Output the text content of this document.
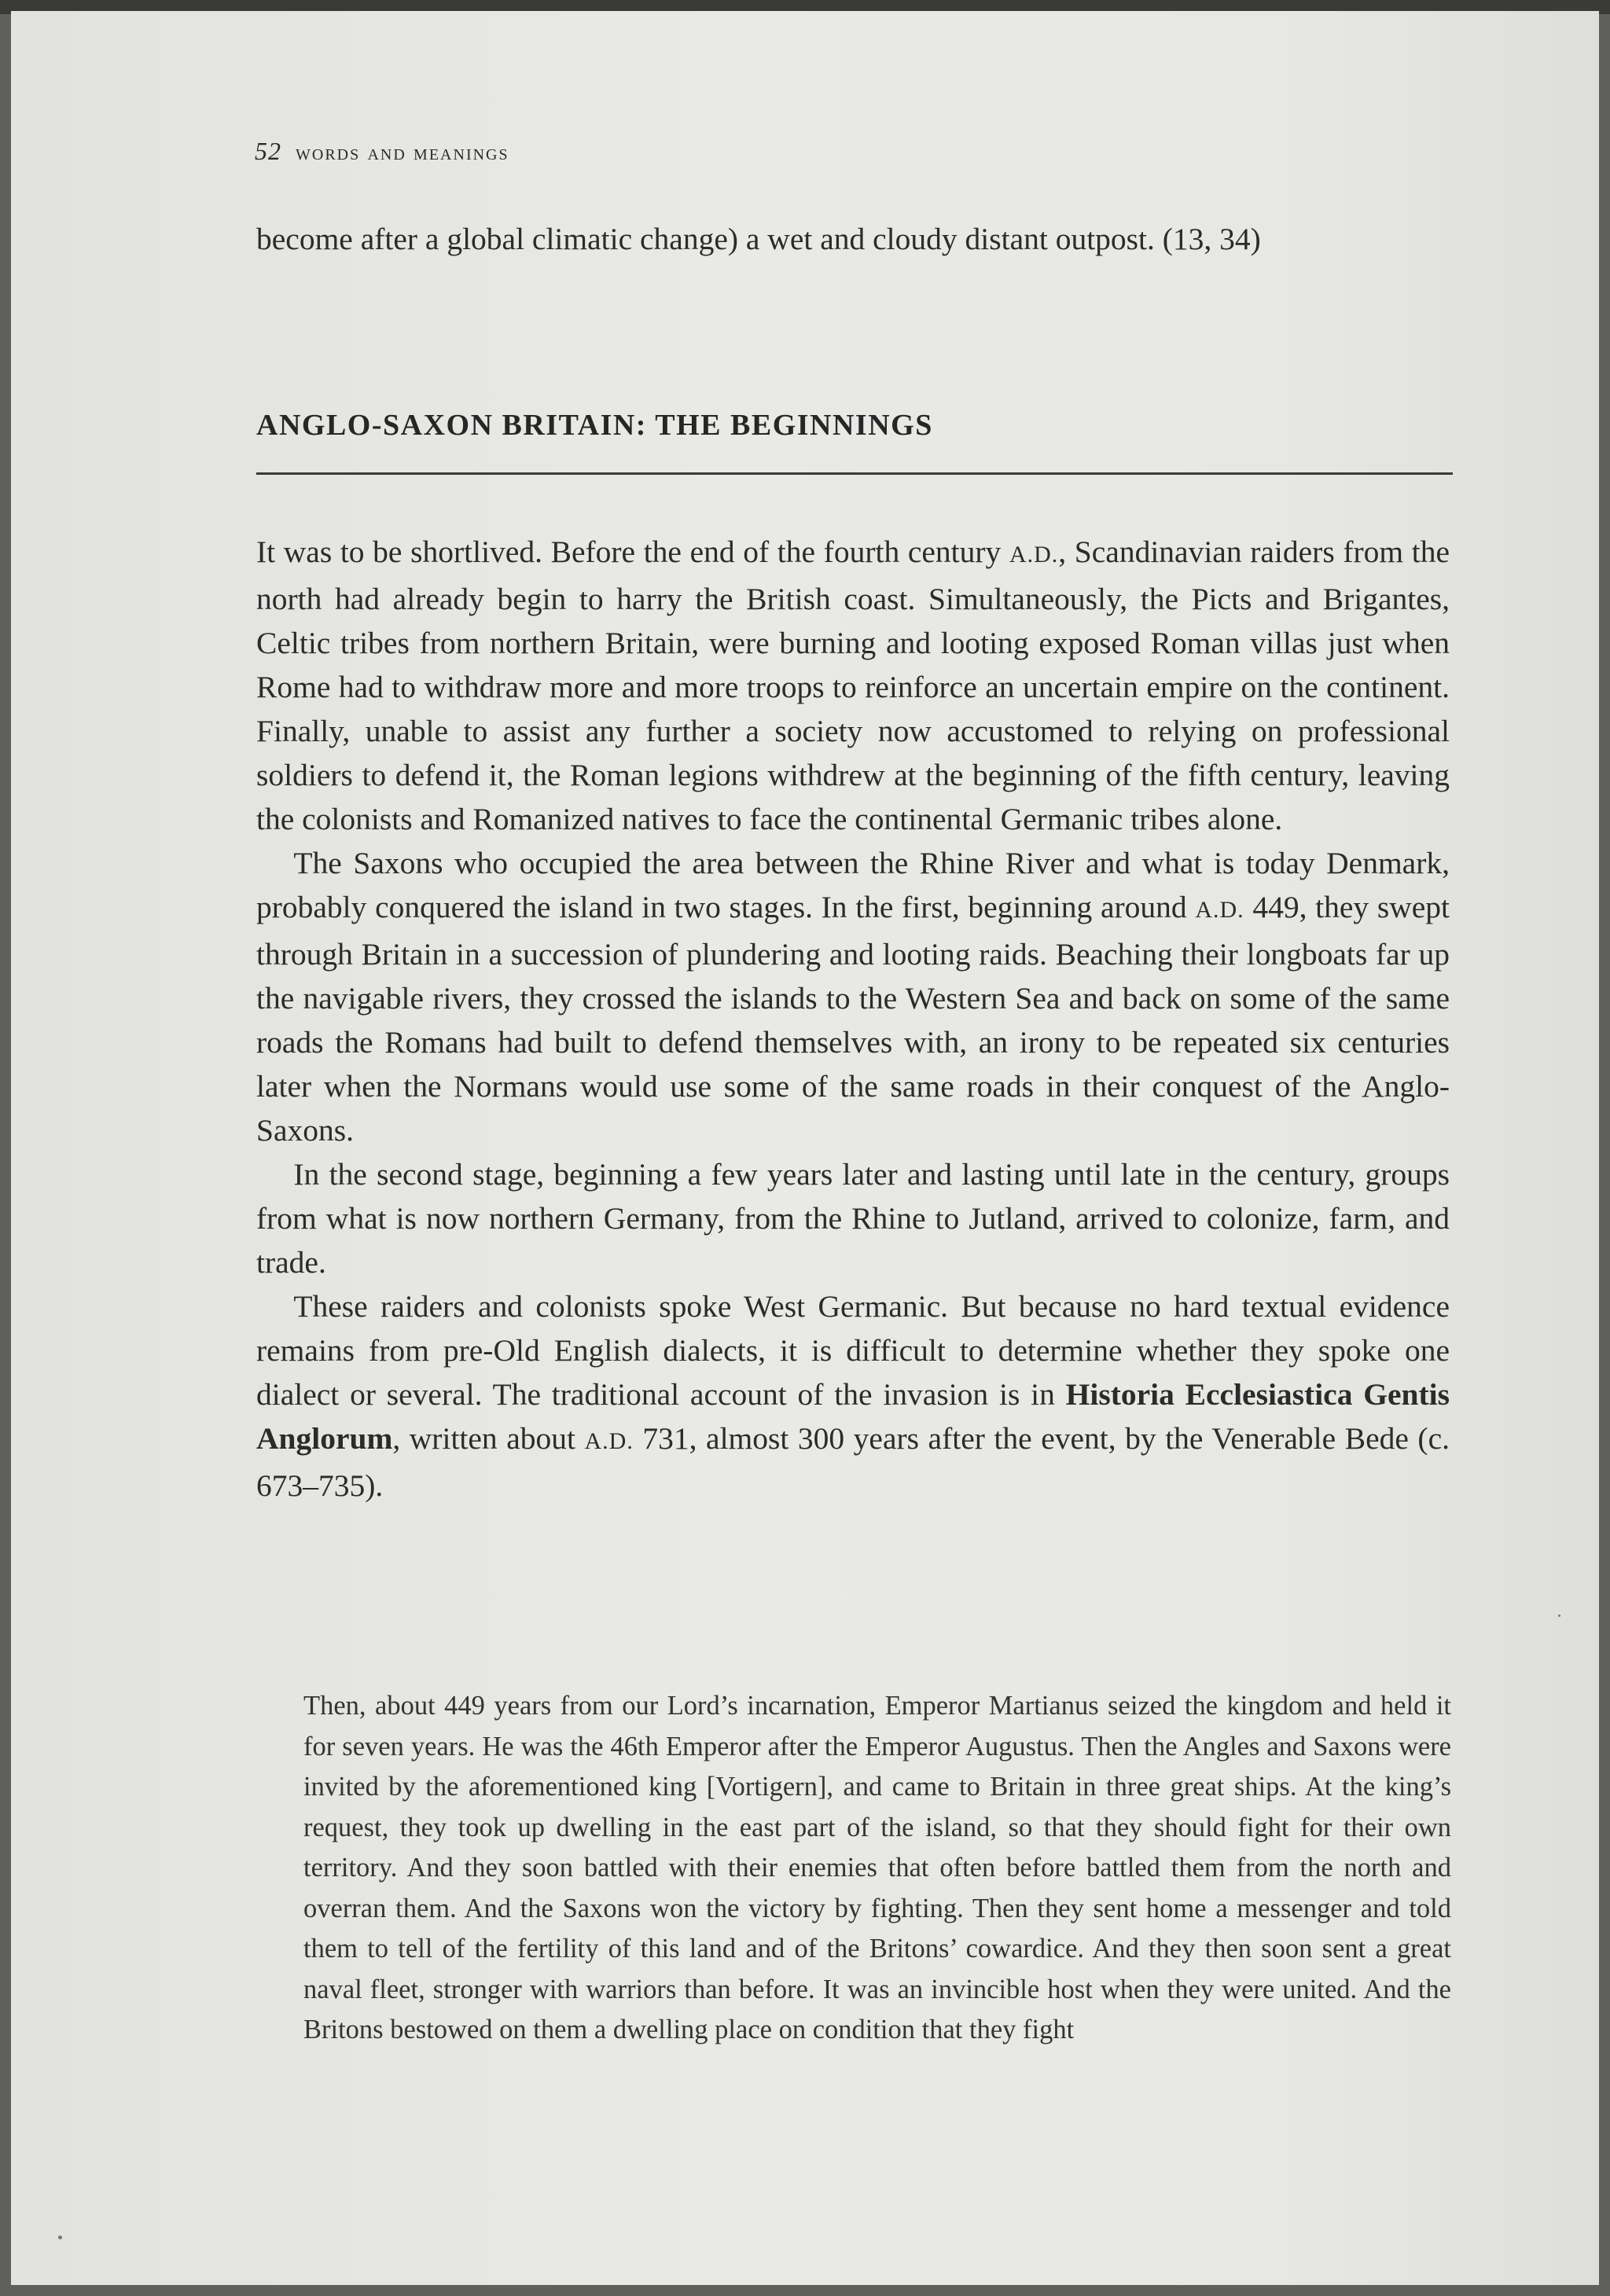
52 words and meanings

become after a global climatic change) a wet and cloudy distant outpost. (13, 34)

ANGLO-SAXON BRITAIN: THE BEGINNINGS

It was to be shortlived. Before the end of the fourth century A.D., Scandinavian raiders from the north had already begin to harry the British coast. Simultaneously, the Picts and Brigantes, Celtic tribes from northern Britain, were burning and looting exposed Roman villas just when Rome had to withdraw more and more troops to reinforce an uncertain empire on the continent. Finally, unable to assist any further a society now accustomed to relying on professional soldiers to defend it, the Roman legions withdrew at the beginning of the fifth century, leaving the colonists and Romanized natives to face the continental Germanic tribes alone.

The Saxons who occupied the area between the Rhine River and what is today Denmark, probably conquered the island in two stages. In the first, beginning around A.D. 449, they swept through Britain in a succession of plundering and looting raids. Beaching their longboats far up the navigable rivers, they crossed the islands to the Western Sea and back on some of the same roads the Romans had built to defend themselves with, an irony to be repeated six centuries later when the Normans would use some of the same roads in their conquest of the Anglo-Saxons.

In the second stage, beginning a few years later and lasting until late in the century, groups from what is now northern Germany, from the Rhine to Jutland, arrived to colonize, farm, and trade.

These raiders and colonists spoke West Germanic. But because no hard textual evidence remains from pre-Old English dialects, it is difficult to determine whether they spoke one dialect or several. The traditional account of the invasion is in Historia Ecclesiastica Gentis Anglorum, written about A.D. 731, almost 300 years after the event, by the Venerable Bede (c. 673–735).

Then, about 449 years from our Lord’s incarnation, Emperor Martianus seized the kingdom and held it for seven years. He was the 46th Emperor after the Emperor Augustus. Then the Angles and Saxons were invited by the aforementioned king [Vortigern], and came to Britain in three great ships. At the king’s request, they took up dwelling in the east part of the island, so that they should fight for their own territory. And they soon battled with their enemies that often before battled them from the north and overran them. And the Saxons won the victory by fighting. Then they sent home a messenger and told them to tell of the fertility of this land and of the Britons’ cowardice. And they then soon sent a great naval fleet, stronger with warriors than before. It was an invincible host when they were united. And the Britons bestowed on them a dwelling place on condition that they fight
